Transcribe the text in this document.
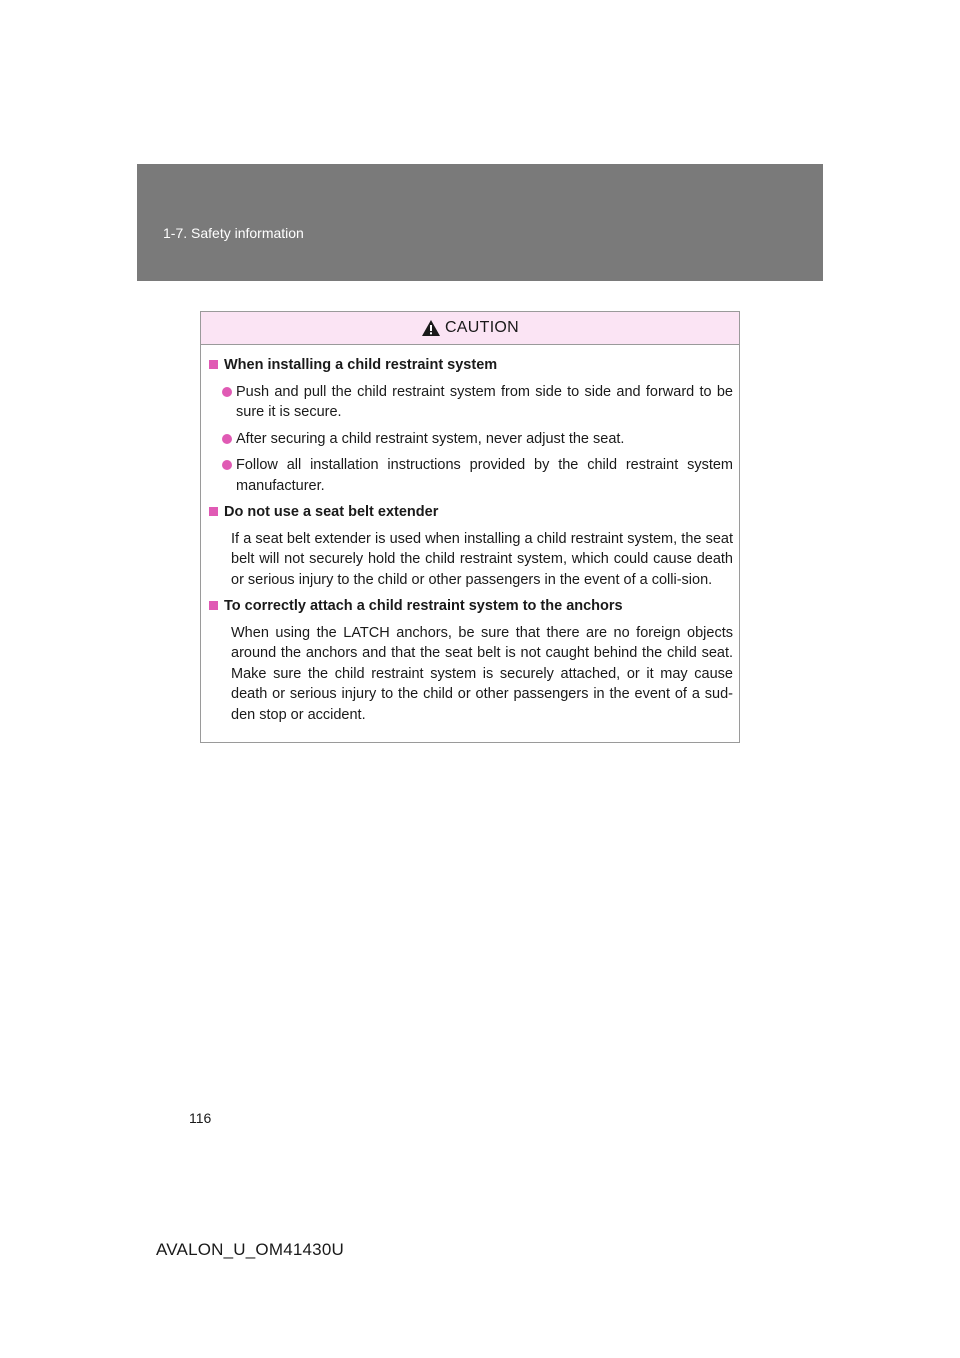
1-7. Safety information
CAUTION
When installing a child restraint system
Push and pull the child restraint system from side to side and forward to be sure it is secure.
After securing a child restraint system, never adjust the seat.
Follow all installation instructions provided by the child restraint system manufacturer.
Do not use a seat belt extender
If a seat belt extender is used when installing a child restraint system, the seat belt will not securely hold the child restraint system, which could cause death or serious injury to the child or other passengers in the event of a colli-sion.
To correctly attach a child restraint system to the anchors
When using the LATCH anchors, be sure that there are no foreign objects around the anchors and that the seat belt is not caught behind the child seat. Make sure the child restraint system is securely attached, or it may cause death or serious injury to the child or other passengers in the event of a sud-den stop or accident.
116
AVALON_U_OM41430U
